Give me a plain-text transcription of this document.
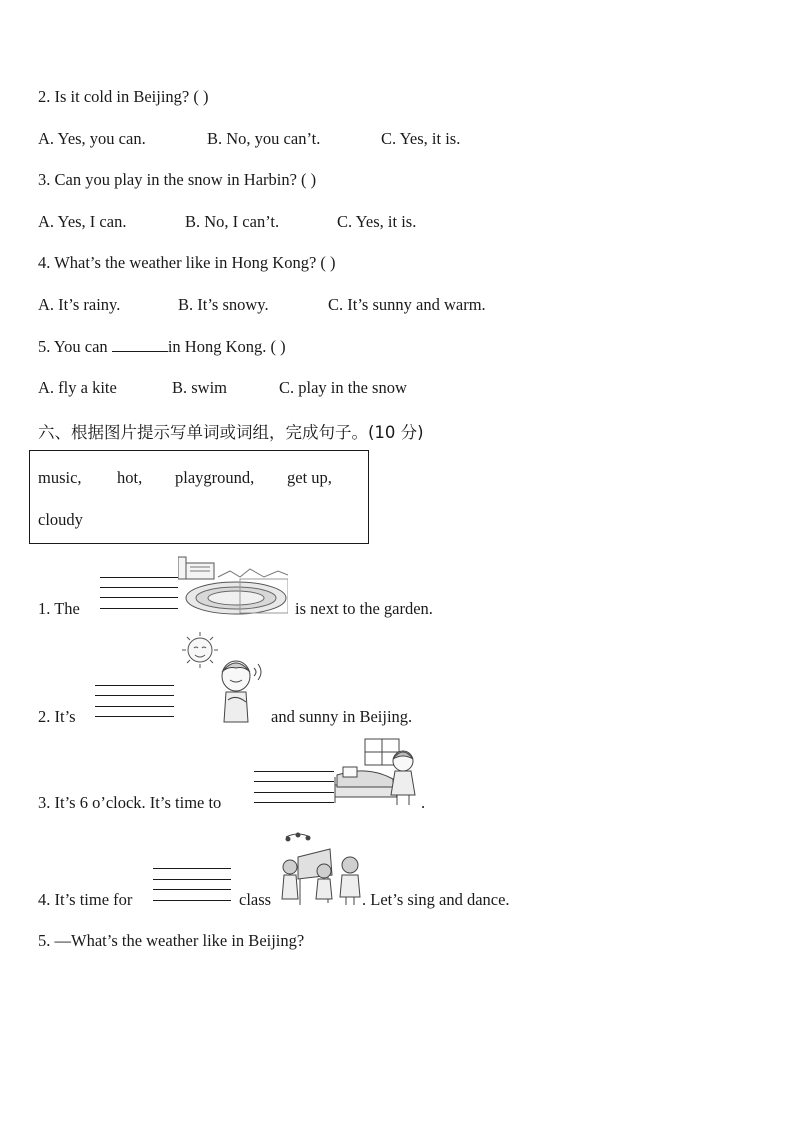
2. Is it cold in Beijing? ( )
A. Yes, you can.	B. No, you can’t.	C. Yes, it is.
3. Can you play in the snow in Harbin? ( )
A. Yes, I can.	B. No, I can’t.	C. Yes, it is.
4. What’s the weather like in Hong Kong? ( )
A. It’s rainy.	B. It’s snowy.	C. It’s sunny and warm.
5. You can	in Hong Kong. ( )
A. fly a kite	B. swim	C. play in the snow
六、根据图片提示写单词或词组，完成句子。(10 分)
music, hot, playground, get up,
cloudy
1. The	is next to the garden.
2. It’s	and sunny in Beijing.
3. It’s 6 o’clock. It’s time to	.
4. It’s time for	class	. Let’s sing and dance.
5. —What’s the weather like in Beijing?
